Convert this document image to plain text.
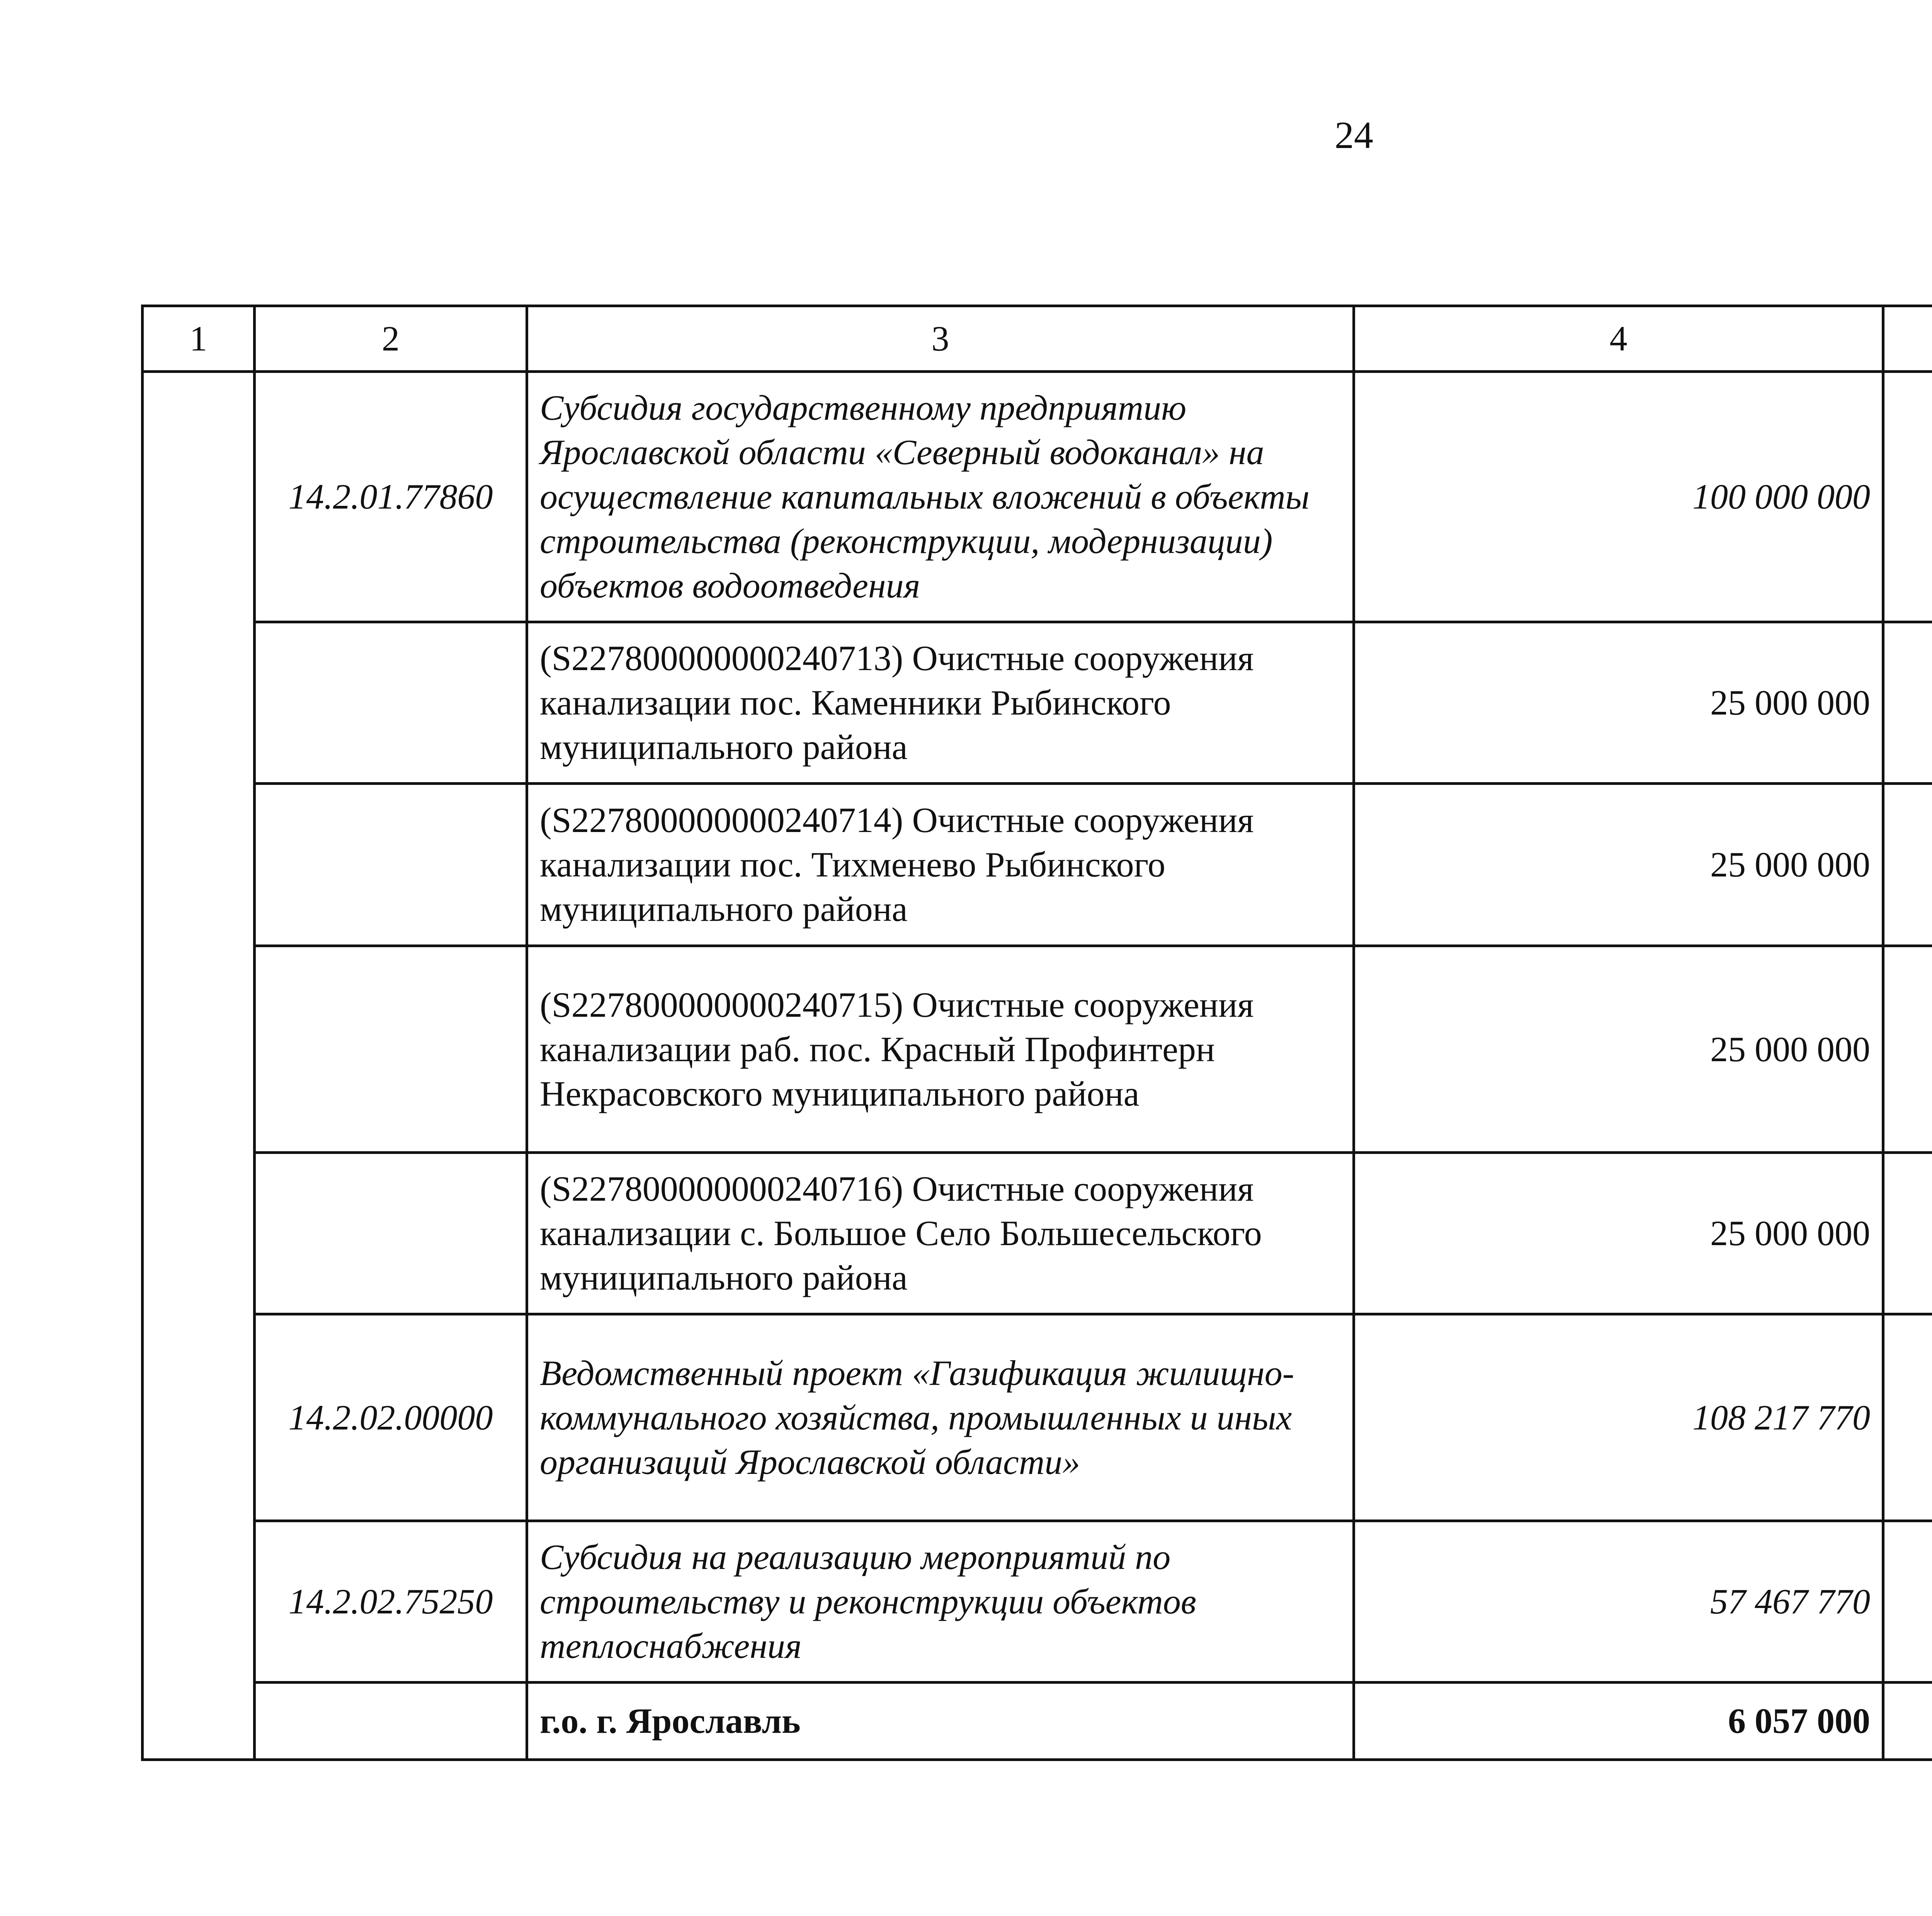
24
1	2	3	4			
	14.2.01.77860	Субсидия государственному предприятию Ярославской области «Северный водоканал» на осуществление капитальных вложений в объекты строительства (реконструкции, модернизации) объектов водоотведения	100 000 000			
		(S227800000000240713) Очистные сооружения канализации пос. Каменники Рыбинского муниципального района	25 000 000			
		(S227800000000240714) Очистные сооружения канализации пос. Тихменево Рыбинского муниципального района	25 000 000			
		(S227800000000240715) Очистные сооружения канализации раб. пос. Красный Профинтерн Некрасовского муниципального района	25 000 000			
		(S227800000000240716) Очистные сооружения канализации с. Большое Село Большесельского муниципального района	25 000 000			
	14.2.02.00000	Ведомственный проект «Газификация жилищно-коммунального хозяйства, промышленных и иных организаций Ярославской области»	108 217 770			
	14.2.02.75250	Субсидия на реализацию мероприятий по строительству и реконструкции объектов теплоснабжения	57 467 770			
		г.о. г. Ярославль	6 057 000			
